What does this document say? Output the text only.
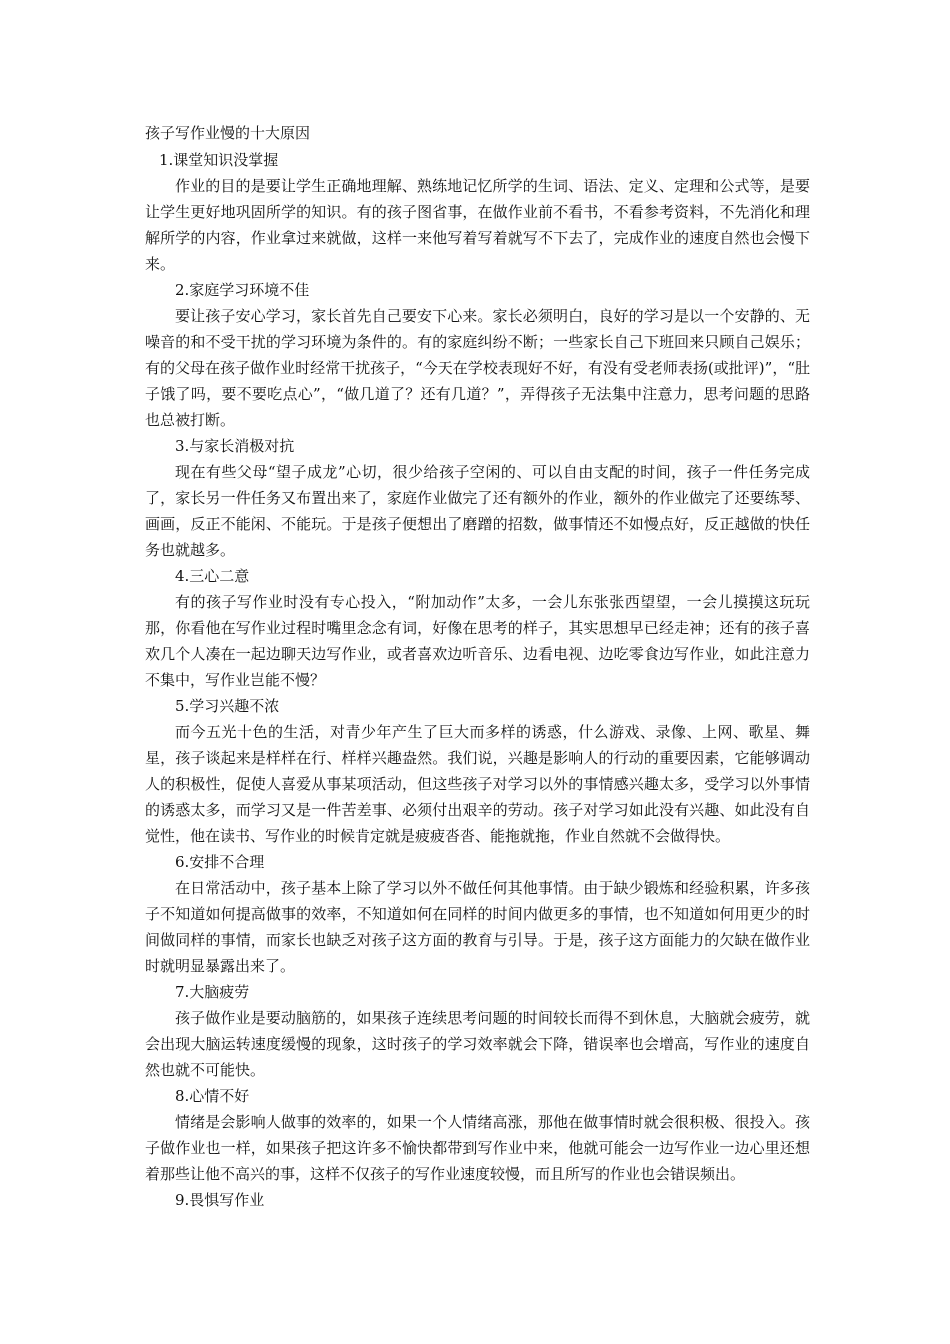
孩子写作业慢的十大原因
1.课堂知识没掌握

作业的目的是要让学生正确地理解、熟练地记忆所学的生词、语法、定义、定理和公式等，是要让学生更好地巩固所学的知识。有的孩子图省事，在做作业前不看书，不看参考资料，不先消化和理解所学的内容，作业拿过来就做，这样一来他写着写着就写不下去了，完成作业的速度自然也会慢下来。

2.家庭学习环境不佳

要让孩子安心学习，家长首先自己要安下心来。家长必须明白，良好的学习是以一个安静的、无噪音的和不受干扰的学习环境为条件的。有的家庭纠纷不断；一些家长自己下班回来只顾自己娱乐；有的父母在孩子做作业时经常干扰孩子，“今天在学校表现好不好，有没有受老师表扬(或批评)”，“肚子饿了吗，要不要吃点心”，“做几道了？还有几道？”，弄得孩子无法集中注意力，思考问题的思路也总被打断。

3.与家长消极对抗

现在有些父母“望子成龙”心切，很少给孩子空闲的、可以自由支配的时间，孩子一件任务完成了，家长另一件任务又布置出来了，家庭作业做完了还有额外的作业，额外的作业做完了还要练琴、画画，反正不能闲、不能玩。于是孩子便想出了磨蹭的招数，做事情还不如慢点好，反正越做的快任务也就越多。

4.三心二意

有的孩子写作业时没有专心投入，“附加动作”太多，一会儿东张张西望望，一会儿摸摸这玩玩那，你看他在写作业过程时嘴里念念有词，好像在思考的样子，其实思想早已经走神；还有的孩子喜欢几个人凑在一起边聊天边写作业，或者喜欢边听音乐、边看电视、边吃零食边写作业，如此注意力不集中，写作业岂能不慢？

5.学习兴趣不浓

而今五光十色的生活，对青少年产生了巨大而多样的诱惑，什么游戏、录像、上网、歌星、舞星，孩子谈起来是样样在行、样样兴趣盎然。我们说，兴趣是影响人的行动的重要因素，它能够调动人的积极性，促使人喜爱从事某项活动，但这些孩子对学习以外的事情感兴趣太多，受学习以外事情的诱惑太多，而学习又是一件苦差事、必须付出艰辛的劳动。孩子对学习如此没有兴趣、如此没有自觉性，他在读书、写作业的时候肯定就是疲疲沓沓、能拖就拖，作业自然就不会做得快。

6.安排不合理

在日常活动中，孩子基本上除了学习以外不做任何其他事情。由于缺少锻炼和经验积累，许多孩子不知道如何提高做事的效率，不知道如何在同样的时间内做更多的事情，也不知道如何用更少的时间做同样的事情，而家长也缺乏对孩子这方面的教育与引导。于是，孩子这方面能力的欠缺在做作业时就明显暴露出来了。

7.大脑疲劳

孩子做作业是要动脑筋的，如果孩子连续思考问题的时间较长而得不到休息，大脑就会疲劳，就会出现大脑运转速度缓慢的现象，这时孩子的学习效率就会下降，错误率也会增高，写作业的速度自然也就不可能快。

8.心情不好

情绪是会影响人做事的效率的，如果一个人情绪高涨，那他在做事情时就会很积极、很投入。孩子做作业也一样，如果孩子把这许多不愉快都带到写作业中来，他就可能会一边写作业一边心里还想着那些让他不高兴的事，这样不仅孩子的写作业速度较慢，而且所写的作业也会错误频出。

9.畏惧写作业
